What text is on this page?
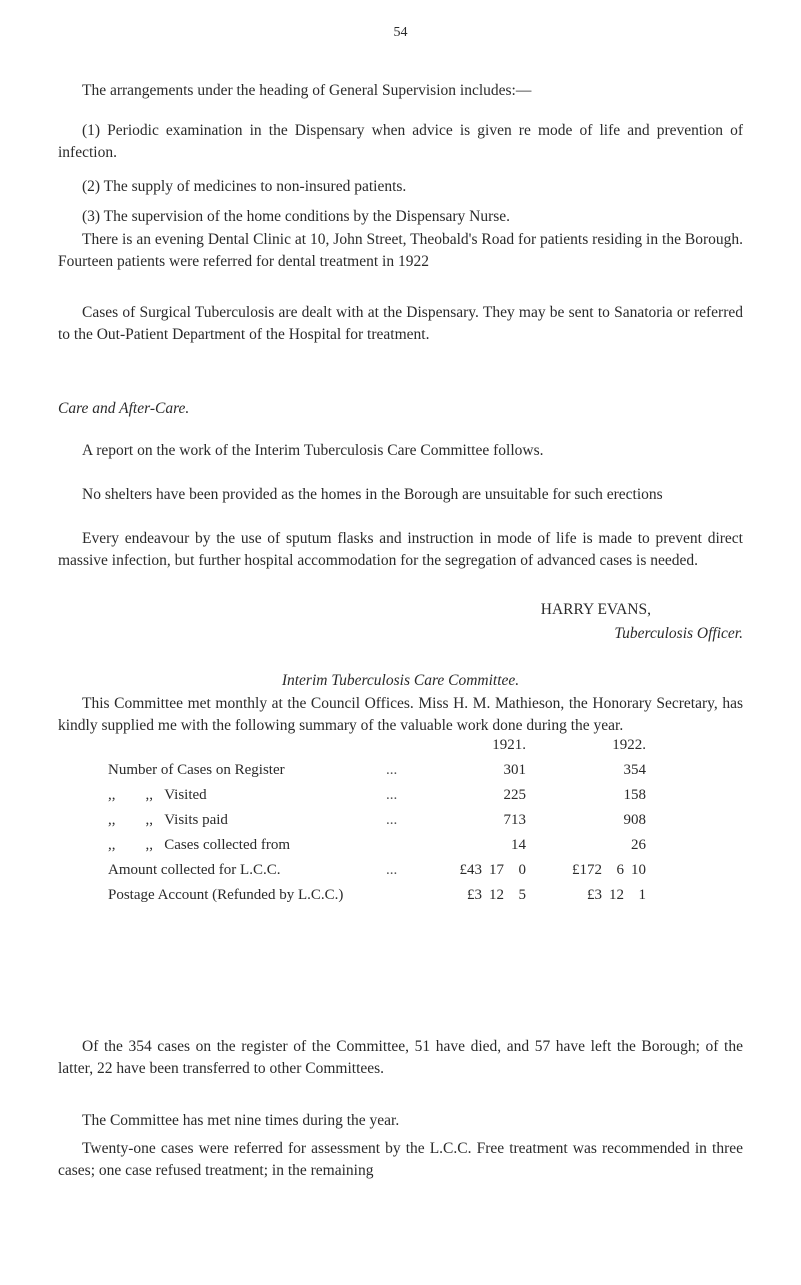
54

The arrangements under the heading of General Supervision includes:—

(1) Periodic examination in the Dispensary when advice is given re mode of life and prevention of infection.

(2) The supply of medicines to non-insured patients.

(3) The supervision of the home conditions by the Dispensary Nurse.

There is an evening Dental Clinic at 10, John Street, Theobald's Road for patients residing in the Borough. Fourteen patients were referred for dental treatment in 1922

Cases of Surgical Tuberculosis are dealt with at the Dispensary. They may be sent to Sanatoria or referred to the Out-Patient Department of the Hospital for treatment.

Care and After-Care.

A report on the work of the Interim Tuberculosis Care Committee follows.

No shelters have been provided as the homes in the Borough are unsuitable for such erections

Every endeavour by the use of sputum flasks and instruction in mode of life is made to prevent direct massive infection, but further hospital accommodation for the segregation of advanced cases is needed.

HARRY EVANS,
Tuberculosis Officer.
Interim Tuberculosis Care Committee.

This Committee met monthly at the Council Offices. Miss H. M. Mathieson, the Honorary Secretary, has kindly supplied me with the following summary of the valuable work done during the year.

		1921.	1922.
Number of Cases on Register	...	301	354
,,        ,, Visited	...	225	158
,,        ,, Visits paid	...	713	908
,,        ,, Cases collected from		14	26
Amount collected for L.C.C.	...	£43 17 0	£172 6 10
Postage Account (Refunded by L.C.C.)		£3 12 5	£3 12 1

Of the 354 cases on the register of the Committee, 51 have died, and 57 have left the Borough; of the latter, 22 have been transferred to other Committees.

The Committee has met nine times during the year.

Twenty-one cases were referred for assessment by the L.C.C. Free treatment was recommended in three cases; one case refused treatment; in the remaining
